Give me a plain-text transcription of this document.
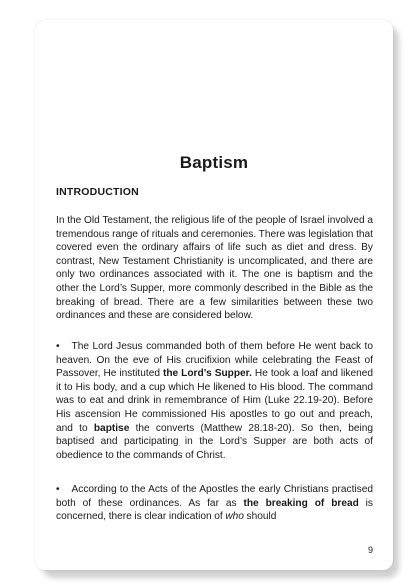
Baptism
INTRODUCTION

In the Old Testament, the religious life of the people of Israel involved a tremendous range of rituals and ceremonies. There was legislation that covered even the ordinary affairs of life such as diet and dress. By contrast, New Testament Christianity is uncomplicated, and there are only two ordinances associated with it. The one is baptism and the other the Lord’s Supper, more commonly described in the Bible as the breaking of bread. There are a few similarities between these two ordinances and these are considered below.

• The Lord Jesus commanded both of them before He went back to heaven. On the eve of His crucifixion while celebrating the Feast of Passover, He instituted the Lord’s Supper. He took a loaf and likened it to His body, and a cup which He likened to His blood. The command was to eat and drink in remembrance of Him (Luke 22.19-20). Before His ascension He commissioned His apostles to go out and preach, and to baptise the converts (Matthew 28.18-20). So then, being baptised and participating in the Lord’s Supper are both acts of obedience to the commands of Christ.

• According to the Acts of the Apostles the early Christians practised both of these ordinances. As far as the breaking of bread is concerned, there is clear indication of who should

9
